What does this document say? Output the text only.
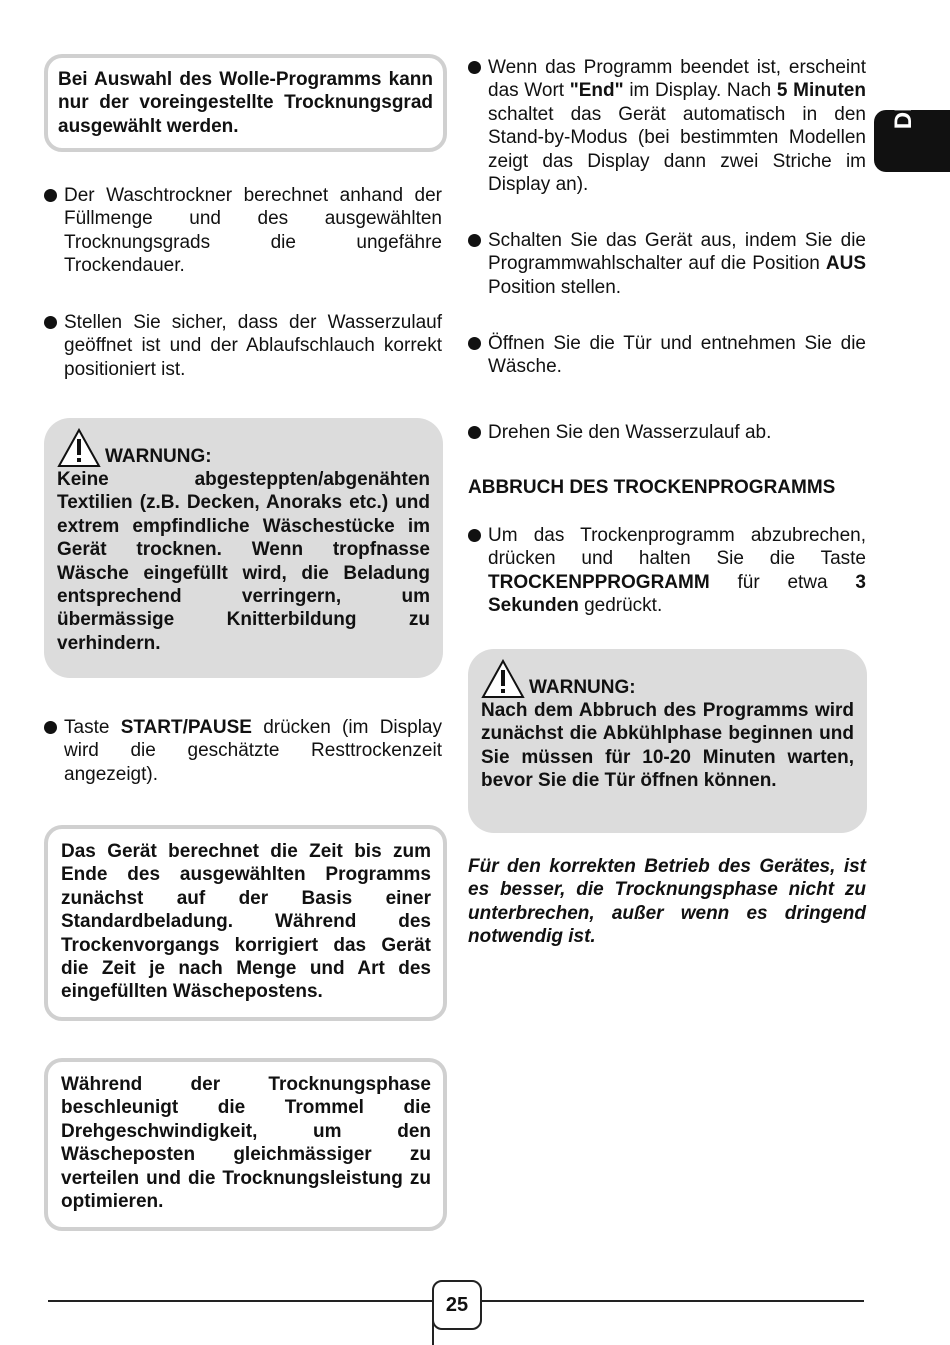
DE
Bei Auswahl des Wolle-Programms kann nur der voreingestellte Trocknungsgrad ausgewählt werden.
Der Waschtrockner berechnet anhand der Füllmenge und des ausgewählten Trocknungsgrads die ungefähre Trockendauer.
Stellen Sie sicher, dass der Wasserzulauf geöffnet ist und der Ablaufschlauch korrekt positioniert ist.
WARNUNG:
Keine abgesteppten/abgenähten Textilien (z.B. Decken, Anoraks etc.) und extrem empfindliche Wäschestücke im Gerät trocknen. Wenn tropfnasse Wäsche eingefüllt wird, die Beladung entsprechend verringern, um übermässige Knitterbildung zu verhindern.
Taste START/PAUSE drücken (im Display wird die geschätzte Resttrockenzeit angezeigt).
Das Gerät berechnet die Zeit bis zum Ende des ausgewählten Programms zunächst auf der Basis einer Standardbeladung. Während des Trockenvorgangs korrigiert das Gerät die Zeit je nach Menge und Art des eingefüllten Wäschepostens.
Während der Trocknungsphase beschleunigt die Trommel die Drehgeschwindigkeit, um den Wäscheposten gleichmässiger zu verteilen und die Trocknungsleistung zu optimieren.
Wenn das Programm beendet ist, erscheint das Wort "End" im Display. Nach 5 Minuten schaltet das Gerät automatisch in den Stand-by-Modus (bei bestimmten Modellen zeigt das Display dann zwei Striche im Display an).
Schalten Sie das Gerät aus, indem Sie die Programmwahlschalter auf die Position AUS Position stellen.
Öffnen Sie die Tür und entnehmen Sie die Wäsche.
Drehen Sie den Wasserzulauf ab.
ABBRUCH DES TROCKENPROGRAMMS
Um das Trockenprogramm abzubrechen, drücken und halten Sie die Taste TROCKENPPROGRAMM für etwa 3 Sekunden gedrückt.
WARNUNG:
Nach dem Abbruch des Programms wird zunächst die Abkühlphase beginnen und Sie müssen für 10-20 Minuten warten, bevor Sie die Tür öffnen können.
Für den korrekten Betrieb des Gerätes, ist es besser, die Trocknungsphase nicht zu unterbrechen, außer wenn es dringend notwendig ist.
25
